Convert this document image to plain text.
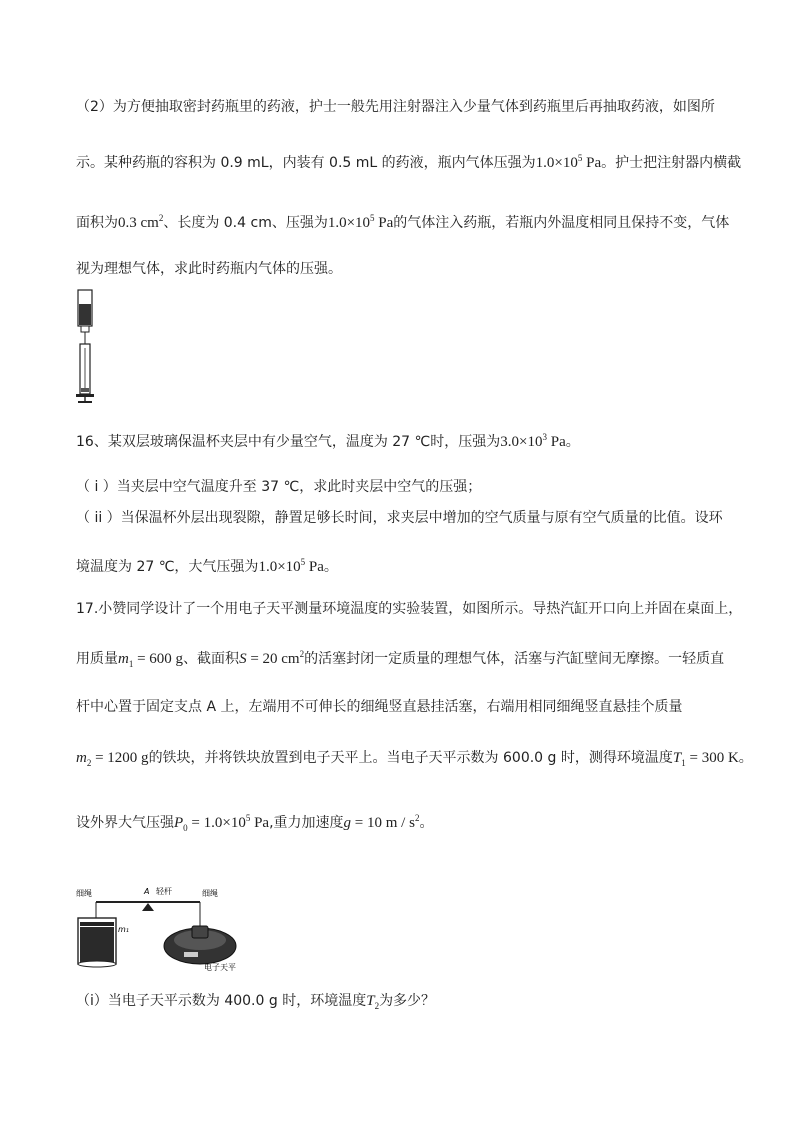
（2）为方便抽取密封药瓶里的药液，护士一般先用注射器注入少量气体到药瓶里后再抽取药液，如图所
示。某种药瓶的容积为 0.9 mL，内装有 0.5 mL 的药液，瓶内气体压强为$1.0\times 10^5$ Pa。护士把注射器内横截
面积为0.3 $cm^2$、长度为 0.4 cm、压强为$1.0\times 10^5$ Pa的气体注入药瓶，若瓶内外温度相同且保持不变，气体
视为理想气体，求此时药瓶内气体的压强。
16、某双层玻璃保温杯夹层中有少量空气，温度为 27 ℃时，压强为$3.0\times 10^3$ Pa。
（ i ）当夹层中空气温度升至 37 ℃，求此时夹层中空气的压强；
（ ii ）当保温杯外层出现裂隙，静置足够长时间，求夹层中增加的空气质量与原有空气质量的比值。设环
境温度为 27 ℃，大气压强为$1.0\times 10^5$ Pa。
17.小赞同学设计了一个用电子天平测量环境温度的实验装置，如图所示。导热汽缸开口向上并固在桌面上，
用质量$m_1 = 600$ g、截面积S = 20 $cm^2$的活塞封闭一定质量的理想气体，活塞与汽缸壁间无摩擦。一轻质直
杆中心置于固定支点 A 上，左端用不可伸长的细绳竖直悬挂活塞，右端用相同细绳竖直悬挂个质量
$m_2 = 1200$ g的铁块，并将铁块放置到电子天平上。当电子天平示数为 600.0 g 时，测得环境温度$T_1 = 300$ K。
设外界大气压强$P_0 = 1.0\times 10^5$ Pa,重力加速度g = 10 m / $s^2$。
细绳	A 轻杆	细绳
m₁
电子天平
（i）当电子天平示数为 400.0 g 时，环境温度$T_2$为多少？
